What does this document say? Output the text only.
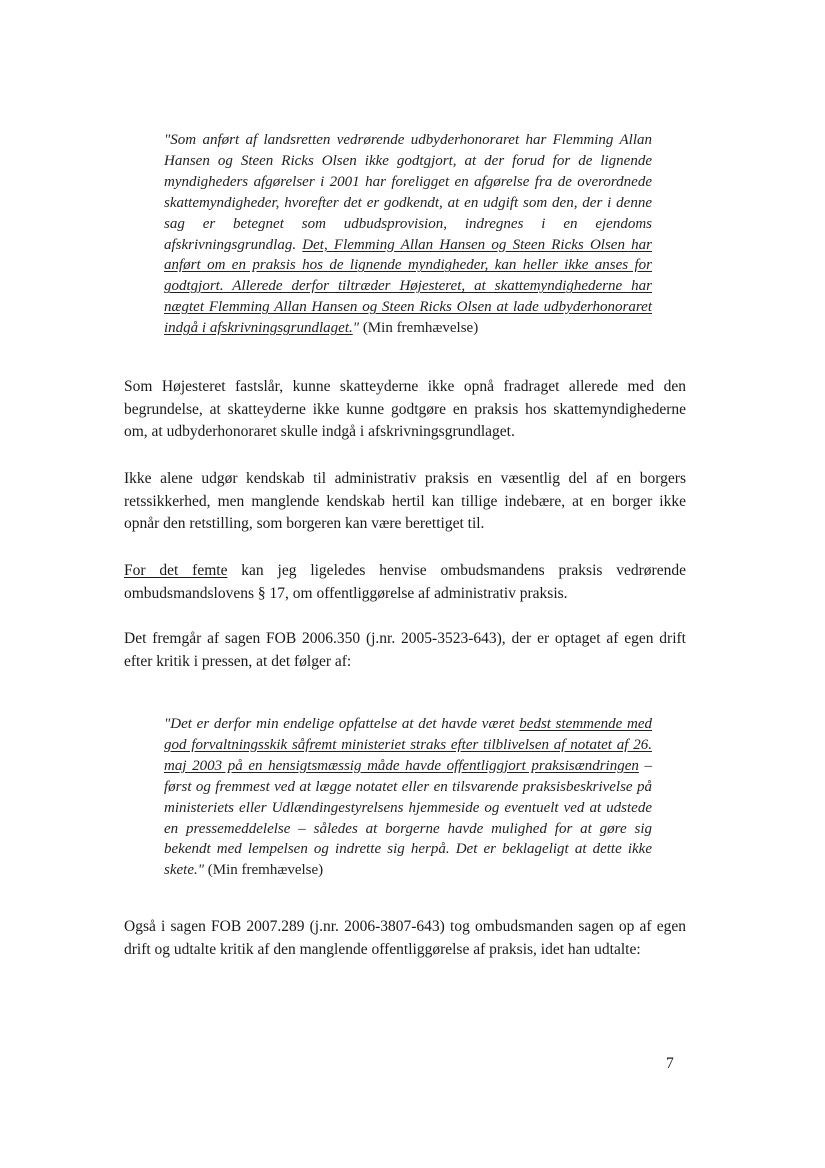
"Som anført af landsretten vedrørende udbyderhonoraret har Flemming Allan Hansen og Steen Ricks Olsen ikke godtgjort, at der forud for de lignende myndigheders afgørelser i 2001 har foreligget en afgørelse fra de overordnede skattemyndigheder, hvorefter det er godkendt, at en udgift som den, der i denne sag er betegnet som udbudsprovision, indregnes i en ejendoms afskrivningsgrundlag. Det, Flemming Allan Hansen og Steen Ricks Olsen har anført om en praksis hos de lignende myndigheder, kan heller ikke anses for godtgjort. Allerede derfor tiltræder Højesteret, at skattemyndighederne har nægtet Flemming Allan Hansen og Steen Ricks Olsen at lade udbyderhonoraret indgå i afskrivningsgrundlaget." (Min fremhævelse)
Som Højesteret fastslår, kunne skatteyderne ikke opnå fradraget allerede med den begrundelse, at skatteyderne ikke kunne godtgøre en praksis hos skattemyndighederne om, at udbyderhonoraret skulle indgå i afskrivningsgrundlaget.
Ikke alene udgør kendskab til administrativ praksis en væsentlig del af en borgers retssikkerhed, men manglende kendskab hertil kan tillige indebære, at en borger ikke opnår den retstilling, som borgeren kan være berettiget til.
For det femte kan jeg ligeledes henvise ombudsmandens praksis vedrørende ombudsmandslovens § 17, om offentliggørelse af administrativ praksis.
Det fremgår af sagen FOB 2006.350 (j.nr. 2005-3523-643), der er optaget af egen drift efter kritik i pressen, at det følger af:
"Det er derfor min endelige opfattelse at det havde været bedst stemmende med god forvaltningsskik såfremt ministeriet straks efter tilblivelsen af notatet af 26. maj 2003 på en hensigtsmæssig måde havde offentliggjort praksisændringen – først og fremmest ved at lægge notatet eller en tilsvarende praksisbeskrivelse på ministeriets eller Udlændingestyrelsens hjemmeside og eventuelt ved at udstede en pressemeddelelse – således at borgerne havde mulighed for at gøre sig bekendt med lempelsen og indrette sig herpå. Det er beklageligt at dette ikke skete." (Min fremhævelse)
Også i sagen FOB 2007.289 (j.nr. 2006-3807-643) tog ombudsmanden sagen op af egen drift og udtalte kritik af den manglende offentliggørelse af praksis, idet han udtalte:
7
